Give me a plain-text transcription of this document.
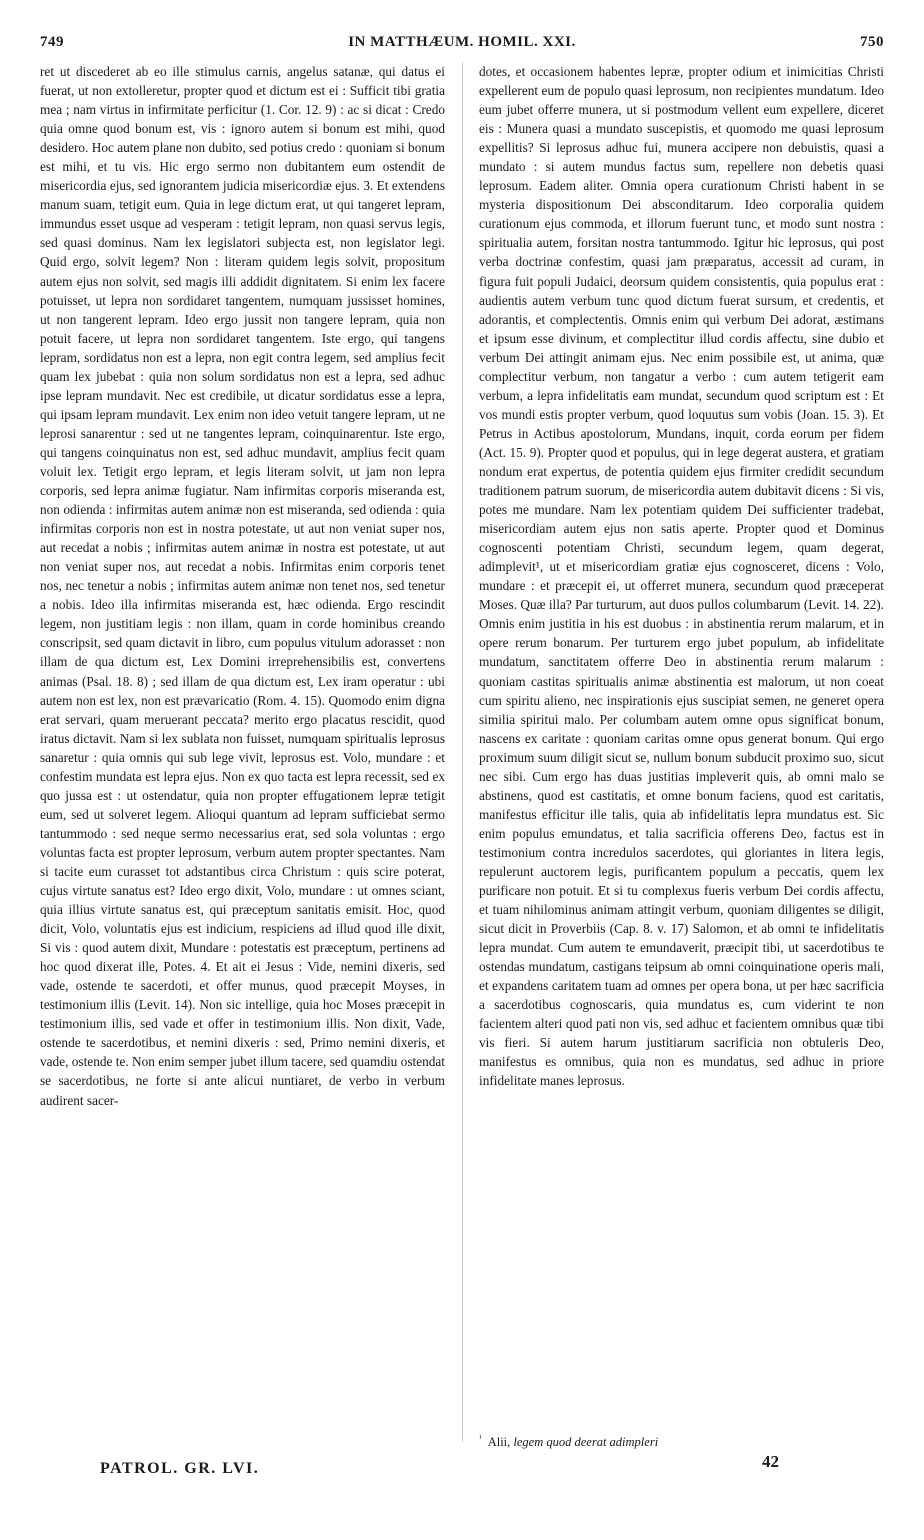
749	IN MATTHÆUM. HOMIL. XXI.	750

ret ut discederet ab eo ille stimulus carnis, angelus satanæ, qui datus ei fuerat, ut non extolleretur, propter quod et dictum est ei : Sufficit tibi gratia mea ; nam virtus in infirmitate perficitur (1. Cor. 12. 9) : ac si dicat : Credo quia omne quod bonum est, vis : ignoro autem si bonum est mihi, quod desidero. Hoc autem plane non dubito, sed potius credo : quoniam si bonum est mihi, et tu vis. Hic ergo sermo non dubitantem eum ostendit de misericordia ejus, sed ignorantem judicia misericordiæ ejus. 3. Et extendens manum suam, tetigit eum. Quia in lege dictum erat, ut qui tangeret lepram, immundus esset usque ad vesperam : tetigit lepram, non quasi servus legis, sed quasi dominus. Nam lex legislatori subjecta est, non legislator legi. Quid ergo, solvit legem? Non : literam quidem legis solvit, propositum autem ejus non solvit, sed magis illi addidit dignitatem. Si enim lex facere potuisset, ut lepra non sordidaret tangentem, numquam jussisset homines, ut non tangerent lepram. Ideo ergo jussit non tangere lepram, quia non potuit facere, ut lepra non sordidaret tangentem. Iste ergo, qui tangens lepram, sordidatus non est a lepra, non egit contra legem, sed amplius fecit quam lex jubebat : quia non solum sordidatus non est a lepra, sed adhuc ipse lepram mundavit. Nec est credibile, ut dicatur sordidatus esse a lepra, qui ipsam lepram mundavit. Lex enim non ideo vetuit tangere lepram, ut ne leprosi sanarentur : sed ut ne tangentes lepram, coinquinarentur. Iste ergo, qui tangens coinquinatus non est, sed adhuc mundavit, amplius fecit quam voluit lex. Tetigit ergo lepram, et legis literam solvit, ut jam non lepra corporis, sed lepra animæ fugiatur. Nam infirmitas corporis miseranda est, non odienda : infirmitas autem animæ non est miseranda, sed odienda : quia infirmitas corporis non est in nostra potestate, ut aut non veniat super nos, aut recedat a nobis ; infirmitas autem animæ in nostra est potestate, ut aut non veniat super nos, aut recedat a nobis. Infirmitas enim corporis tenet nos, nec tenetur a nobis ; infirmitas autem animæ non tenet nos, sed tenetur a nobis. Ideo illa infirmitas miseranda est, hæc odienda. Ergo rescindit legem, non justitiam legis : non illam, quam in corde hominibus creando conscripsit, sed quam dictavit in libro, cum populus vitulum adorasset : non illam de qua dictum est, Lex Domini irreprehensibilis est, convertens animas (Psal. 18. 8) ; sed illam de qua dictum est, Lex iram operatur : ubi autem non est lex, non est prævaricatio (Rom. 4. 15). Quomodo enim digna erat servari, quam meruerant peccata? merito ergo placatus rescidit, quod iratus dictavit. Nam si lex sublata non fuisset, numquam spiritualis leprosus sanaretur : quia omnis qui sub lege vivit, leprosus est. Volo, mundare : et confestim mundata est lepra ejus. Non ex quo tacta est lepra recessit, sed ex quo jussa est : ut ostendatur, quia non propter effugationem lepræ tetigit eum, sed ut solveret legem. Alioqui quantum ad lepram sufficiebat sermo tantummodo : sed neque sermo necessarius erat, sed sola voluntas : ergo voluntas facta est propter leprosum, verbum autem propter spectantes. Nam si tacite eum curasset tot adstantibus circa Christum : quis scire poterat, cujus virtute sanatus est? Ideo ergo dixit, Volo, mundare : ut omnes sciant, quia illius virtute sanatus est, qui præceptum sanitatis emisit. Hoc, quod dicit, Volo, voluntatis ejus est indicium, respiciens ad illud quod ille dixit, Si vis : quod autem dixit, Mundare : potestatis est præceptum, pertinens ad hoc quod dixerat ille, Potes. 4. Et ait ei Jesus : Vide, nemini dixeris, sed vade, ostende te sacerdoti, et offer munus, quod præcepit Moyses, in testimonium illis (Levit. 14). Non sic intellige, quia hoc Moses præcepit in testimonium illis, sed vade et offer in testimonium illis. Non dixit, Vade, ostende te sacerdotibus, et nemini dixeris : sed, Primo nemini dixeris, et vade, ostende te. Non enim semper jubet illum tacere, sed quamdiu ostendat se sacerdotibus, ne forte si ante alicui nuntiaret, de verbo in verbum audirent sacer-

dotes, et occasionem habentes lepræ, propter odium et inimicitias Christi expellerent eum de populo quasi leprosum, non recipientes mundatum. Ideo eum jubet offerre munera, ut si postmodum vellent eum expellere, diceret eis : Munera quasi a mundato suscepistis, et quomodo me quasi leprosum expellitis? Si leprosus adhuc fui, munera accipere non debuistis, quasi a mundato : si autem mundus factus sum, repellere non debetis quasi leprosum. Eadem aliter. Omnia opera curationum Christi habent in se mysteria dispositionum Dei absconditarum. Ideo corporalia quidem curationum ejus commoda, et illorum fuerunt tunc, et modo sunt nostra : spiritualia autem, forsitan nostra tantummodo. Igitur hic leprosus, qui post verba doctrinæ confestim, quasi jam præparatus, accessit ad curam, in figura fuit populi Judaici, deorsum quidem consistentis, quia populus erat : audientis autem verbum tunc quod dictum fuerat sursum, et credentis, et adorantis, et complectentis. Omnis enim qui verbum Dei adorat, æstimans et ipsum esse divinum, et complectitur illud cordis affectu, sine dubio et verbum Dei attingit animam ejus. Nec enim possibile est, ut anima, quæ complectitur verbum, non tangatur a verbo : cum autem tetigerit eam verbum, a lepra infidelitatis eam mundat, secundum quod scriptum est : Et vos mundi estis propter verbum, quod loquutus sum vobis (Joan. 15. 3). Et Petrus in Actibus apostolorum, Mundans, inquit, corda eorum per fidem (Act. 15. 9). Propter quod et populus, qui in lege degerat austera, et gratiam nondum erat expertus, de potentia quidem ejus firmiter credidit secundum traditionem patrum suorum, de misericordia autem dubitavit dicens : Si vis, potes me mundare. Nam lex potentiam quidem Dei sufficienter tradebat, misericordiam autem ejus non satis aperte. Propter quod et Dominus cognoscenti potentiam Christi, secundum legem, quam degerat, adimplevit¹, ut et misericordiam gratiæ ejus cognosceret, dicens : Volo, mundare : et præcepit ei, ut offerret munera, secundum quod præceperat Moses. Quæ illa? Par turturum, aut duos pullos columbarum (Levit. 14. 22). Omnis enim justitia in his est duobus : in abstinentia rerum malarum, et in opere rerum bonarum. Per turturem ergo jubet populum, ab infidelitate mundatum, sanctitatem offerre Deo in abstinentia rerum malarum : quoniam castitas spiritualis animæ abstinentia est malorum, ut non coeat cum spiritu alieno, nec inspirationis ejus suscipiat semen, ne generet opera similia spiritui malo. Per columbam autem omne opus significat bonum, nascens ex caritate : quoniam caritas omne opus generat bonum. Qui ergo proximum suum diligit sicut se, nullum bonum subducit proximo suo, sicut nec sibi. Cum ergo has duas justitias impleverit quis, ab omni malo se abstinens, quod est castitatis, et omne bonum faciens, quod est caritatis, manifestus efficitur ille talis, quia ab infidelitatis lepra mundatus est. Sic enim populus emundatus, et talia sacrificia offerens Deo, factus est in testimonium contra incredulos sacerdotes, qui gloriantes in litera legis, repulerunt auctorem legis, purificantem populum a peccatis, quem lex purificare non potuit. Et si tu complexus fueris verbum Dei cordis affectu, et tuam nihilominus animam attingit verbum, quoniam diligentes se diligit, sicut dicit in Proverbiis (Cap. 8. v. 17) Salomon, et ab omni te infidelitatis lepra mundat. Cum autem te emundaverit, præcipit tibi, ut sacerdotibus te ostendas mundatum, castigans teipsum ab omni coinquinatione operis mali, et expandens caritatem tuam ad omnes per opera bona, ut per hæc sacrificia a sacerdotibus cognoscaris, quia mundatus es, cum viderint te non facientem alteri quod pati non vis, sed adhuc et facientem omnibus quæ tibi vis fieri. Si autem harum justitiarum sacrificia non obtuleris Deo, manifestus es omnibus, quia non es mundatus, sed adhuc in priore infidelitate manes leprosus.

$^{^1}$ Alii, legem quod deerat adimpleri
PATROL. GR. LVI.	42
